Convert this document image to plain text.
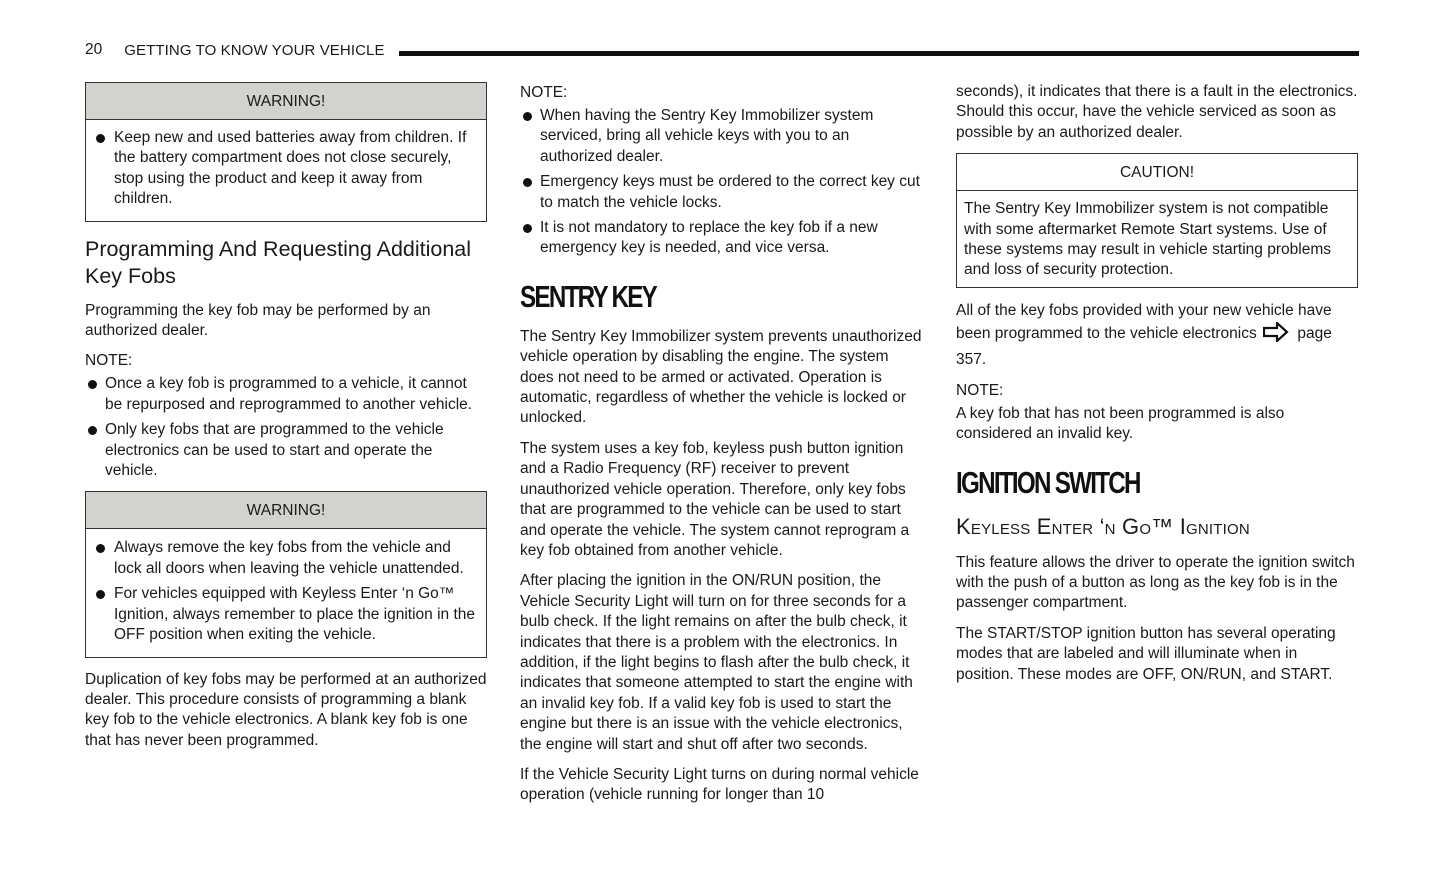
20 GETTING TO KNOW YOUR VEHICLE
WARNING!
Keep new and used batteries away from children. If the battery compartment does not close securely, stop using the product and keep it away from children.
Programming And Requesting Additional Key Fobs

Programming the key fob may be performed by an authorized dealer.

NOTE:
Once a key fob is programmed to a vehicle, it cannot be repurposed and reprogrammed to another vehicle.
Only key fobs that are programmed to the vehicle electronics can be used to start and operate the vehicle.
WARNING!
Always remove the key fobs from the vehicle and lock all doors when leaving the vehicle unattended.
For vehicles equipped with Keyless Enter ‘n Go™ Ignition, always remember to place the ignition in the OFF position when exiting the vehicle.

Duplication of key fobs may be performed at an authorized dealer. This procedure consists of programming a blank key fob to the vehicle electronics. A blank key fob is one that has never been programmed.

NOTE:
When having the Sentry Key Immobilizer system serviced, bring all vehicle keys with you to an authorized dealer.
Emergency keys must be ordered to the correct key cut to match the vehicle locks.
It is not mandatory to replace the key fob if a new emergency key is needed, and vice versa.
SENTRY KEY

The Sentry Key Immobilizer system prevents unauthorized vehicle operation by disabling the engine. The system does not need to be armed or activated. Operation is automatic, regardless of whether the vehicle is locked or unlocked.

The system uses a key fob, keyless push button ignition and a Radio Frequency (RF) receiver to prevent unauthorized vehicle operation. Therefore, only key fobs that are programmed to the vehicle can be used to start and operate the vehicle. The system cannot reprogram a key fob obtained from another vehicle.

After placing the ignition in the ON/RUN position, the Vehicle Security Light will turn on for three seconds for a bulb check. If the light remains on after the bulb check, it indicates that there is a problem with the electronics. In addition, if the light begins to flash after the bulb check, it indicates that someone attempted to start the engine with an invalid key fob. If a valid key fob is used to start the engine but there is an issue with the vehicle electronics, the engine will start and shut off after two seconds.

If the Vehicle Security Light turns on during normal vehicle operation (vehicle running for longer than 10

seconds), it indicates that there is a fault in the electronics. Should this occur, have the vehicle serviced as soon as possible by an authorized dealer.

CAUTION!

The Sentry Key Immobilizer system is not compatible with some aftermarket Remote Start systems. Use of these systems may result in vehicle starting problems and loss of security protection.

All of the key fobs provided with your new vehicle have been programmed to the vehicle electronics	page 357.

NOTE:

A key fob that has not been programmed is also considered an invalid key.

IGNITION SWITCH
Keyless Enter ‘n Go™ Ignition

This feature allows the driver to operate the ignition switch with the push of a button as long as the key fob is in the passenger compartment.

The START/STOP ignition button has several operating modes that are labeled and will illuminate when in position. These modes are OFF, ON/RUN, and START.
